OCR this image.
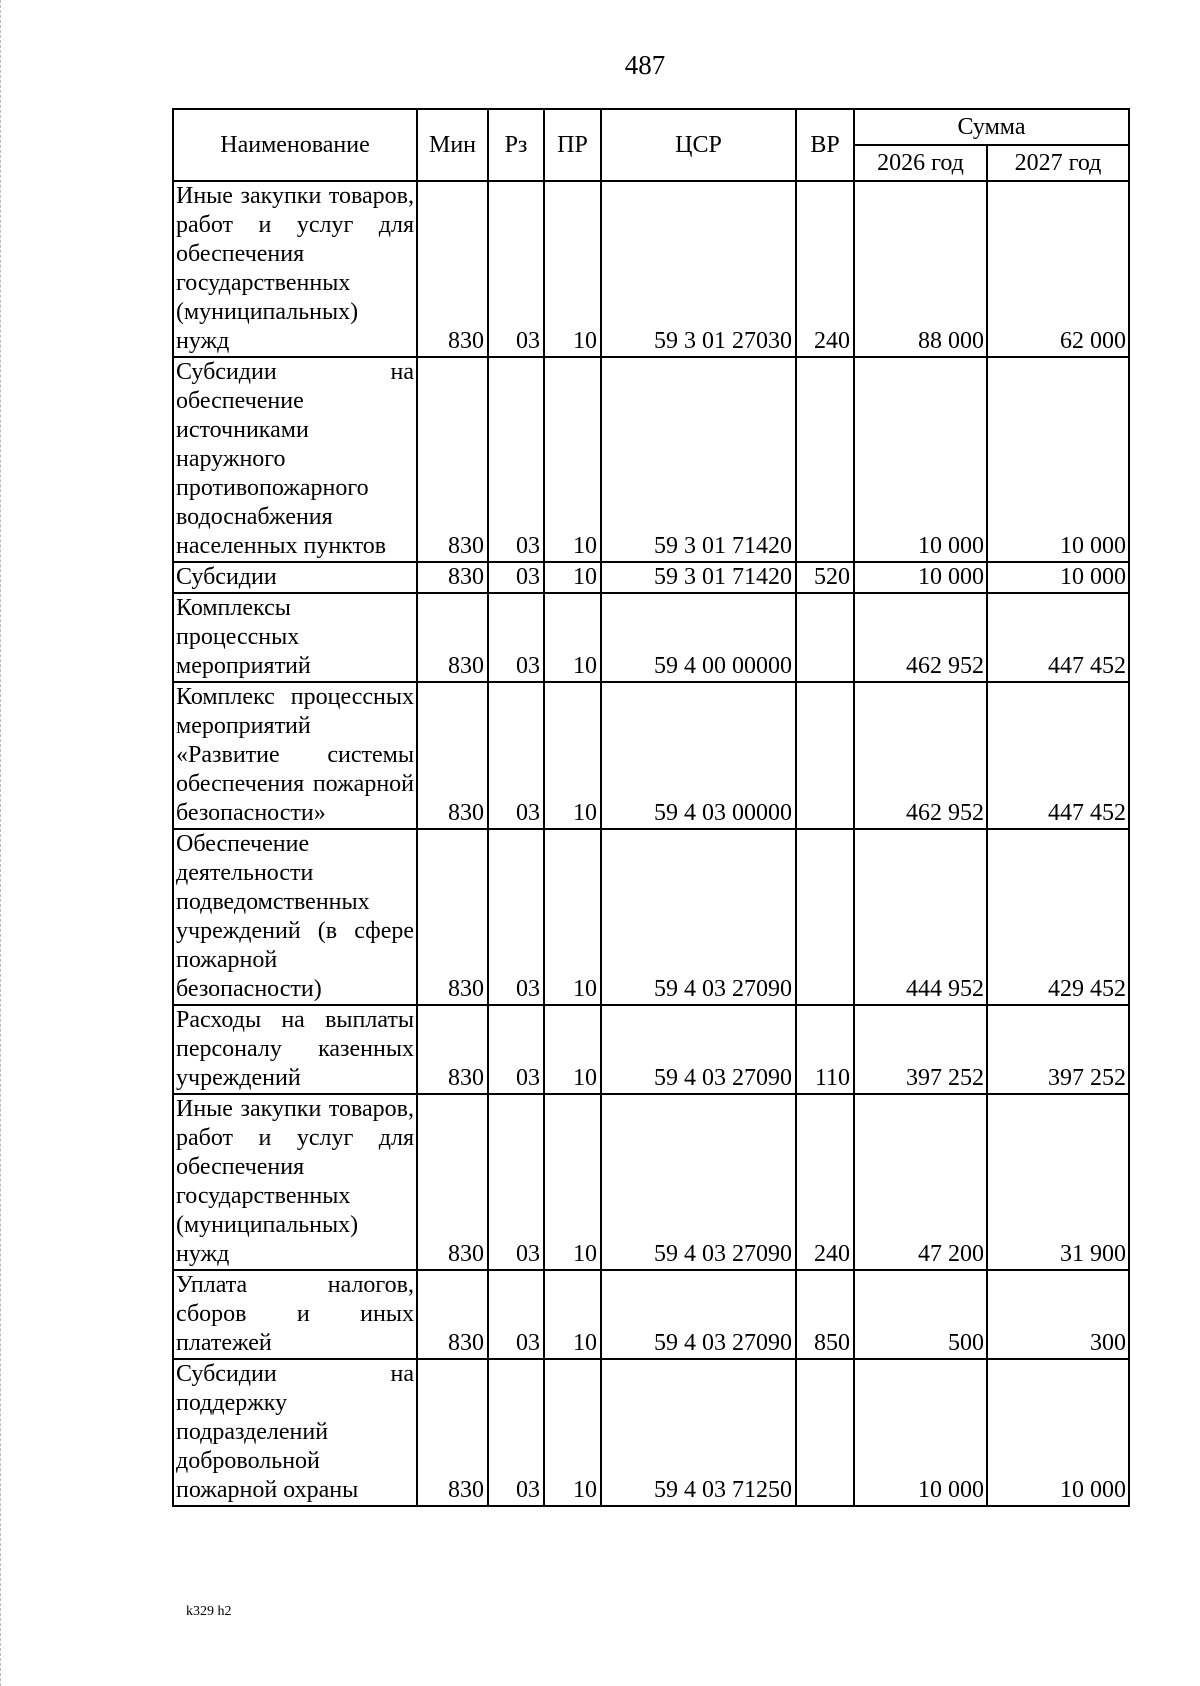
487
Наименование	Мин	Рз	ПР	ЦСР	ВР	Сумма	
						2026 год	2027 год
Иные закупки товаров, работ и услуг для обеспечения государственных (муниципальных) нужд	830	03	10	59 3 01 27030	240	88 000	62 000
Субсидии на обеспечение источниками наружного противопожарного водоснабжения населенных пунктов	830	03	10	59 3 01 71420		10 000	10 000
Субсидии	830	03	10	59 3 01 71420	520	10 000	10 000
Комплексы процессных мероприятий	830	03	10	59 4 00 00000		462 952	447 452
Комплекс процессных мероприятий «Развитие системы обеспечения пожарной безопасности»	830	03	10	59 4 03 00000		462 952	447 452
Обеспечение деятельности подведомственных учреждений (в сфере пожарной безопасности)	830	03	10	59 4 03 27090		444 952	429 452
Расходы на выплаты персоналу казенных учреждений	830	03	10	59 4 03 27090	110	397 252	397 252
Иные закупки товаров, работ и услуг для обеспечения государственных (муниципальных) нужд	830	03	10	59 4 03 27090	240	47 200	31 900
Уплата налогов, сборов и иных платежей	830	03	10	59 4 03 27090	850	500	300
Субсидии на поддержку подразделений добровольной пожарной охраны	830	03	10	59 4 03 71250		10 000	10 000
k329 h2
